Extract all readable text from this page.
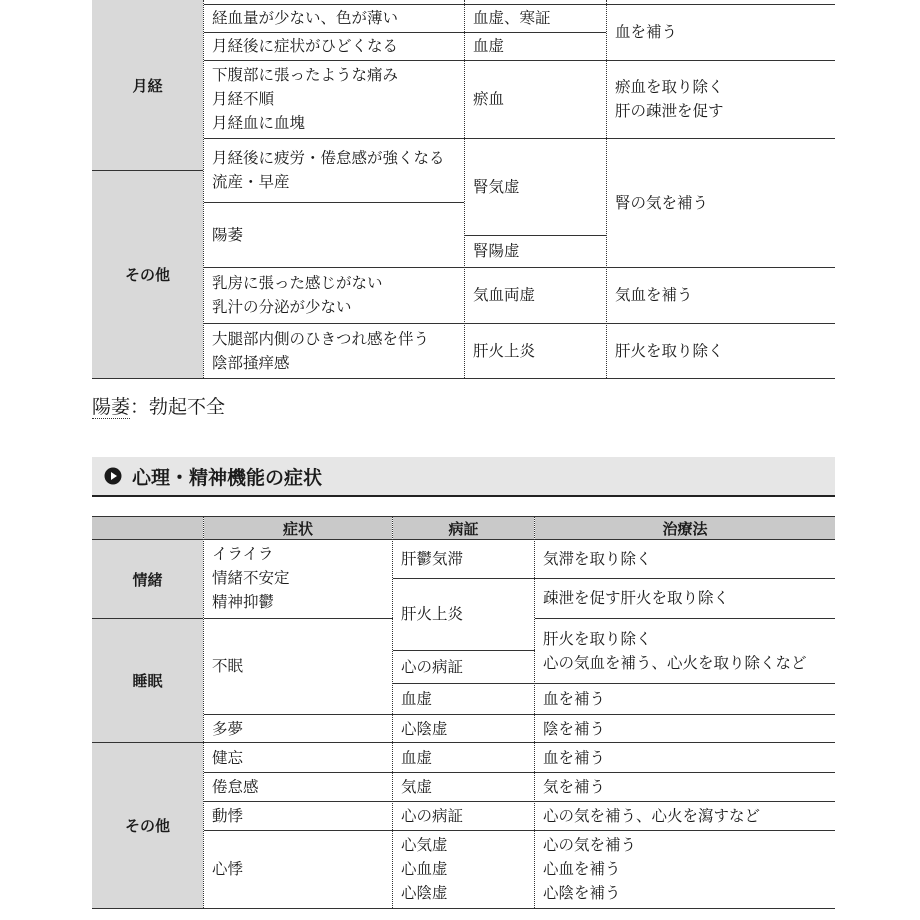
月経
その他
経血量が少ない、色が薄い
月経後に症状がひどくなる
下腹部に張ったような痛み
月経不順
月経血に血塊
月経後に疲労・倦怠感が強くなる
流産・早産
陽萎
乳房に張った感じがない
乳汁の分泌が少ない
大腿部内側のひきつれ感を伴う
陰部掻痒感
血虚、寒証
血虚
瘀血
腎気虚
腎陽虚
気血両虚
肝火上炎
血を補う
瘀血を取り除く
肝の疎泄を促す
腎の気を補う
気血を補う
肝火を取り除く
陽萎：勃起不全
心理・精神機能の症状
症状	病証	治療法
情緒
睡眠
その他
イライラ
情緒不安定
精神抑鬱
不眠
多夢
健忘
倦怠感
動悸
心悸
肝鬱気滞
肝火上炎
心の病証
血虚
心陰虚
血虚
気虚
心の病証
心気虚
心血虚
心陰虚
気滞を取り除く
疎泄を促す肝火を取り除く
肝火を取り除く
心の気血を補う、心火を取り除くなど
血を補う
陰を補う
血を補う
気を補う
心の気を補う、心火を瀉すなど
心の気を補う
心血を補う
心陰を補う
